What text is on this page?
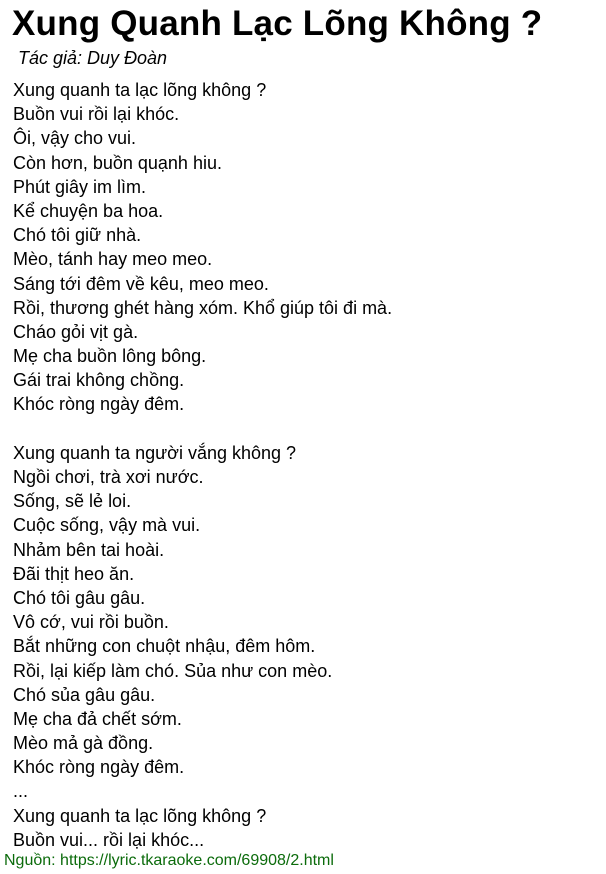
Xung Quanh Lạc Lõng Không ?
Tác giả: Duy Đoàn
Xung quanh ta lạc lõng không ?
Buồn vui rồi lại khóc.
Ôi, vậy cho vui.
Còn hơn, buồn quạnh hiu.
Phút giây im lìm.
Kể chuyện ba hoa.
Chó tôi giữ nhà.
Mèo, tánh hay meo meo.
Sáng tới đêm về kêu, meo meo.
Rồi, thương ghét hàng xóm. Khổ giúp tôi đi mà.
Cháo gỏi vịt gà.
Mẹ cha buồn lông bông.
Gái trai không chồng.
Khóc ròng ngày đêm.
Xung quanh ta người vắng không ?
Ngồi chơi, trà xơi nước.
Sống, sẽ lẻ loi.
Cuộc sống, vậy mà vui.
Nhảm bên tai hoài.
Đãi thịt heo ăn.
Chó tôi gâu gâu.
Vô cớ, vui rồi buồn.
Bắt những con chuột nhậu, đêm hôm.
Rồi, lại kiếp làm chó. Sủa như con mèo.
Chó sủa gâu gâu.
Mẹ cha đả chết sớm.
Mèo mả gà đồng.
Khóc ròng ngày đêm.
...
Xung quanh ta lạc lõng không ?
Buồn vui... rồi lại khóc...
Nguồn: https://lyric.tkaraoke.com/69908/2.html
